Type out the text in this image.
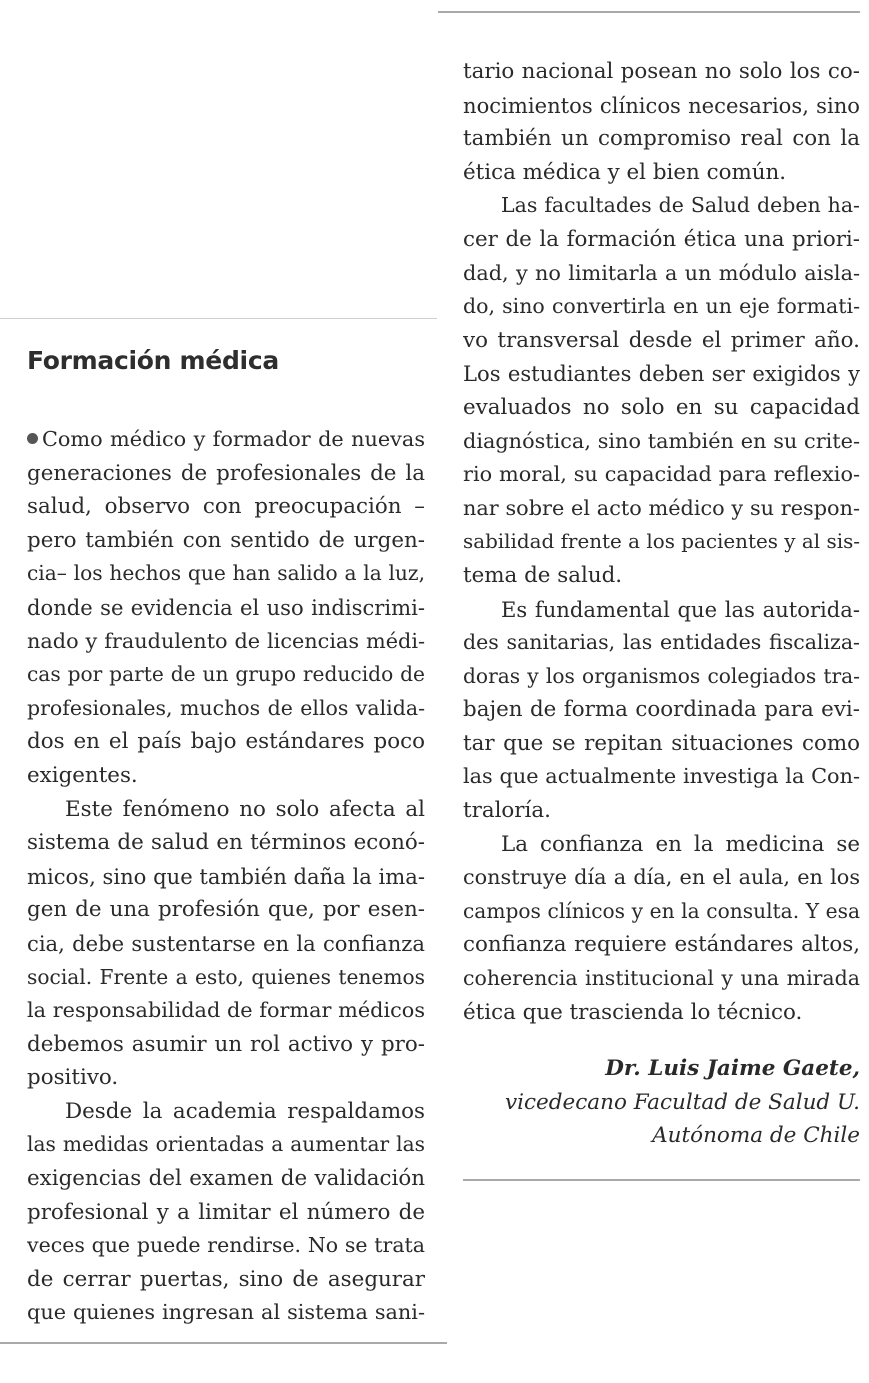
Formación médica
Como médico y formador de nuevas
generaciones de profesionales de la
salud, observo con preocupación –
pero también con sentido de urgen-
cia– los hechos que han salido a la luz,
donde se evidencia el uso indiscrimi-
nado y fraudulento de licencias médi-
cas por parte de un grupo reducido de
profesionales, muchos de ellos valida-
dos en el país bajo estándares poco
exigentes.
Este fenómeno no solo afecta al
sistema de salud en términos econó-
micos, sino que también daña la ima-
gen de una profesión que, por esen-
cia, debe sustentarse en la confianza
social. Frente a esto, quienes tenemos
la responsabilidad de formar médicos
debemos asumir un rol activo y pro-
positivo.
Desde la academia respaldamos
las medidas orientadas a aumentar las
exigencias del examen de validación
profesional y a limitar el número de
veces que puede rendirse. No se trata
de cerrar puertas, sino de asegurar
que quienes ingresan al sistema sani-
tario nacional posean no solo los co-
nocimientos clínicos necesarios, sino
también un compromiso real con la
ética médica y el bien común.
Las facultades de Salud deben ha-
cer de la formación ética una priori-
dad, y no limitarla a un módulo aisla-
do, sino convertirla en un eje formati-
vo transversal desde el primer año.
Los estudiantes deben ser exigidos y
evaluados no solo en su capacidad
diagnóstica, sino también en su crite-
rio moral, su capacidad para reflexio-
nar sobre el acto médico y su respon-
sabilidad frente a los pacientes y al sis-
tema de salud.
Es fundamental que las autorida-
des sanitarias, las entidades fiscaliza-
doras y los organismos colegiados tra-
bajen de forma coordinada para evi-
tar que se repitan situaciones como
las que actualmente investiga la Con-
traloría.
La confianza en la medicina se
construye día a día, en el aula, en los
campos clínicos y en la consulta. Y esa
confianza requiere estándares altos,
coherencia institucional y una mirada
ética que trascienda lo técnico.
Dr. Luis Jaime Gaete,
vicedecano Facultad de Salud U.
Autónoma de Chile
